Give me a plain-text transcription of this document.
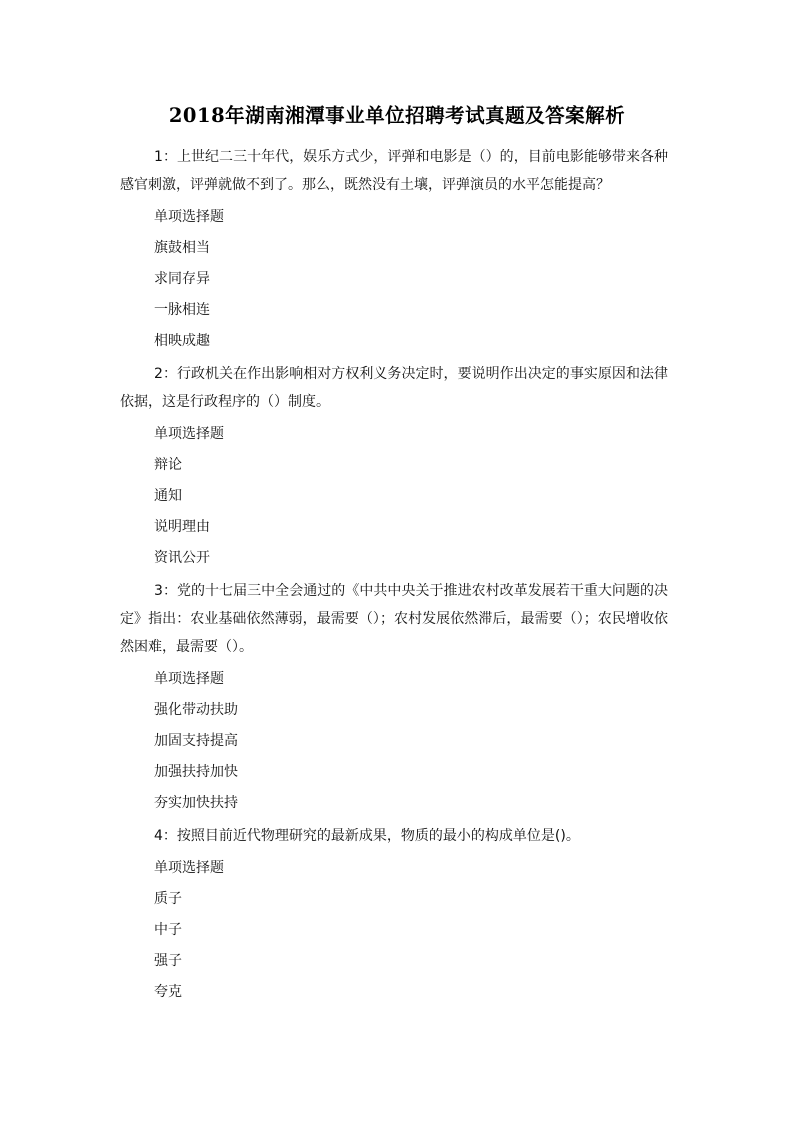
2018年湖南湘潭事业单位招聘考试真题及答案解析

1：上世纪二三十年代，娱乐方式少，评弹和电影是（）的，目前电影能够带来各种感官刺激，评弹就做不到了。那么，既然没有土壤，评弹演员的水平怎能提高？

单项选择题
旗鼓相当
求同存异
一脉相连
相映成趣

2：行政机关在作出影响相对方权利义务决定时，要说明作出决定的事实原因和法律依据，这是行政程序的（）制度。

单项选择题
辩论
通知
说明理由
资讯公开

3：党的十七届三中全会通过的《中共中央关于推进农村改革发展若干重大问题的决定》指出：农业基础依然薄弱，最需要（）；农村发展依然滞后，最需要（）；农民增收依然困难，最需要（）。

单项选择题
强化带动扶助
加固支持提高
加强扶持加快
夯实加快扶持

4：按照目前近代物理研究的最新成果，物质的最小的构成单位是()。

单项选择题
质子
中子
强子
夸克
